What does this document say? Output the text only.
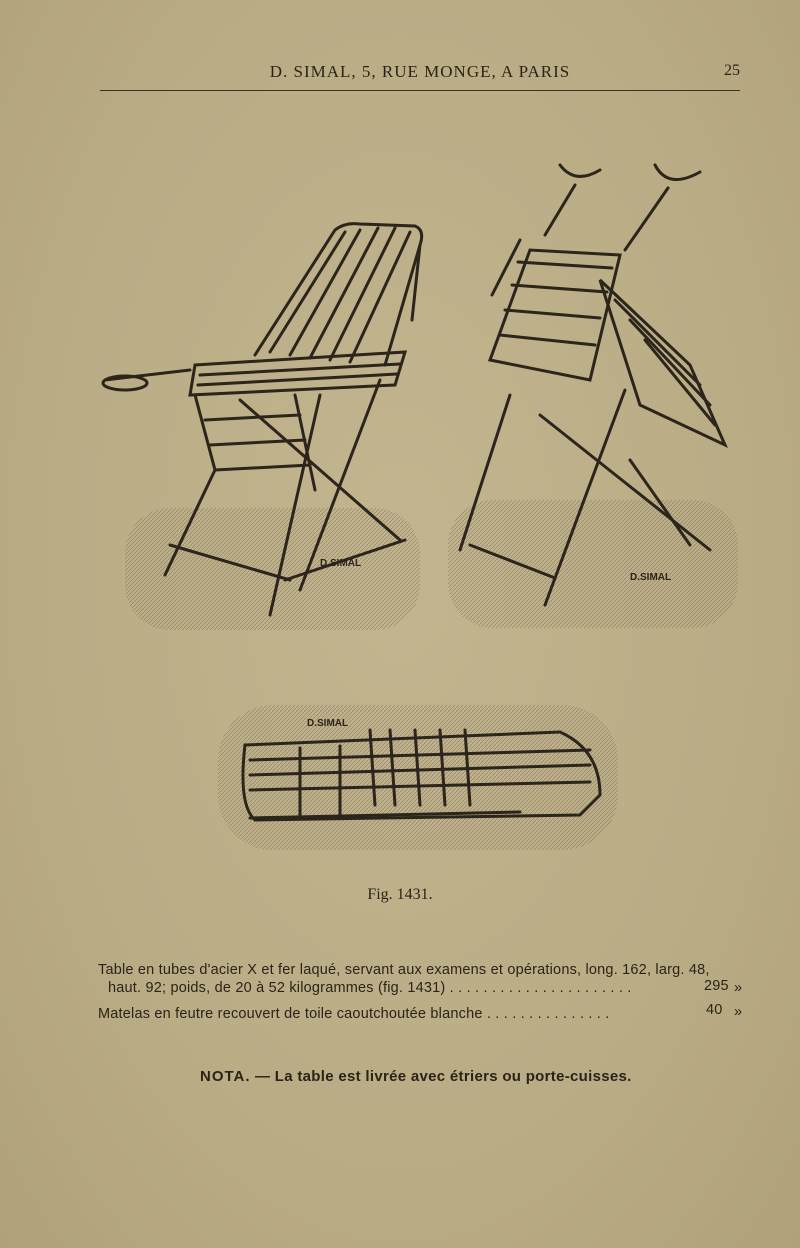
D. SIMAL, 5, RUE MONGE, A PARIS	25
D.SIMAL
D.SIMAL
D.SIMAL
Fig. 1431.
Table en tubes d'acier X et fer laqué, servant aux examens et opérations, long. 162, larg. 48,
haut. 92; poids, de 20 à 52 kilogrammes (fig. 1431) . . . . . . . . . . . . . . . . . . . . . .	295 »
Matelas en feutre recouvert de toile caoutchoutée blanche . . . . . . . . . . . . . . .	40 »
NOTA. — La table est livrée avec étriers ou porte-cuisses.
